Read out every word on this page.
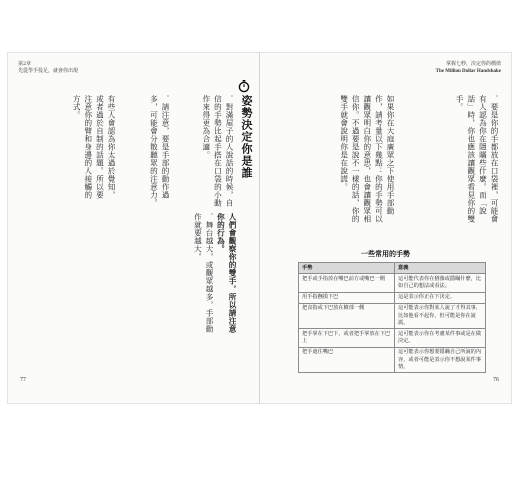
第2章
先從學手投足，就會你出現
有些人會認為你太過於覺知，或者過於自制的話題。所以要注意你的臂和身邊的人接觸的方式。	．請注意，要是手部的動作過多，可能會分散聽眾的注意力。	．對滿屋子的人說話的時候，自信的手勢比起手搭在口袋的小動作來得更為合適。	姿勢決定你是誰
．舞台越大，或觀眾越多，手部動作就要越大。	人們會觀察你的雙手，所以請注意你的行為。
77
掌握七秒，決定你的價值
The Million Dollar Handshake
如果你在大庭廣眾之下使用手部動作，請考量以下幾點：你的手勢可以讓觀眾明白你的意思，也會讓觀眾相信你。不過要是說不一樣的話，你的雙手就會說明你是在說謊。	．要是你的手都放在口袋裡，可能會有人認為你在隱瞞些什麼。而「說話」時，你也應該讓觀眾看見你的雙手。
一些常用的手勢
手勢	意義
把手或手指放在嘴巴前方或嘴巴一側	這可能代表你在猶豫或隱瞞什麼，比如自己的想法或看法。
用手指撫摸下巴	這是表示你正在下決定。
把食指或下巴放在臉部一側	這可能表示你對某人說了才得其事，比如他看不起你，但可能是你在說謊。
把手掌在下巴下，或者把手掌放在下巴上	這可能表示你在考慮某件事或是在做決定。
把手遮住嘴巴	這可能表示你想要隱瞞自己所說的內容，或者可能是表示你不想說某件事情。
76
